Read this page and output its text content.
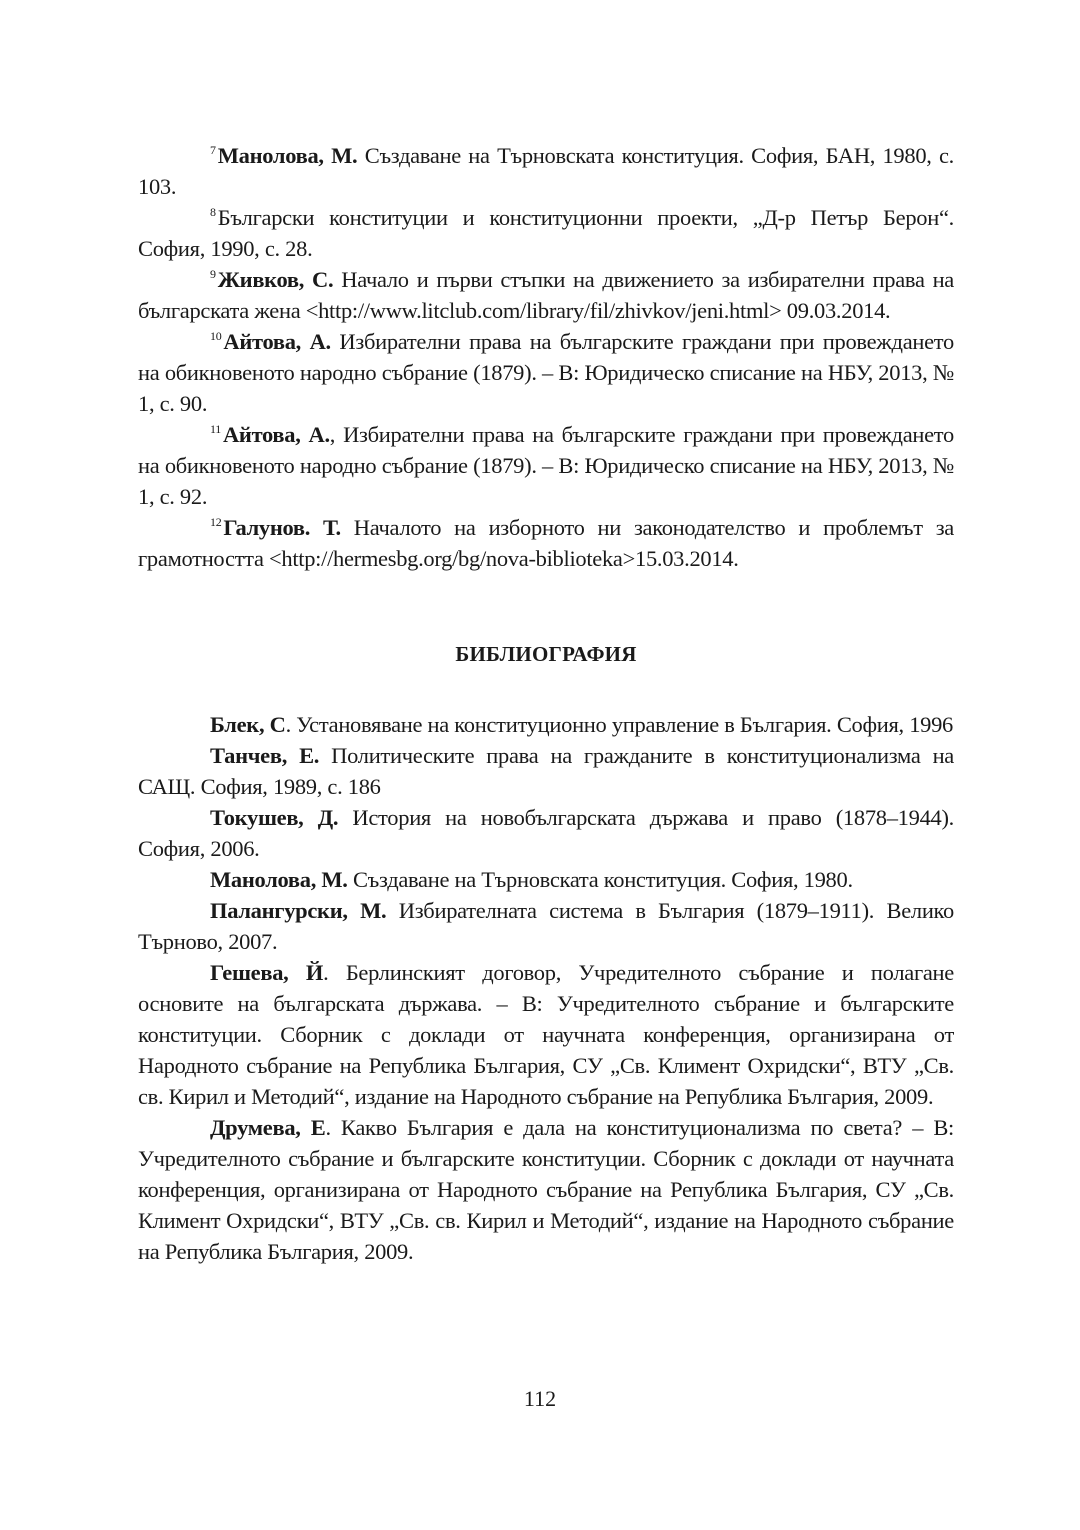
$^7$Манолова, М. Създаване на Търновската конституция. София, БАН, 1980, с. 103.

$^8$Български конституции и конституционни проекти, „Д-р Петър Берон“. София, 1990, с. 28.

$^9$Живков, С. Начало и първи стъпки на движението за избирателни права на българската жена <http://www.litclub.com/library/fil/zhivkov/jeni.html> 09.03.2014.

$^{10}$Айтова, А. Избирателни права на българските граждани при провеждането на обикновеното народно събрание (1879). – В: Юридическо списание на НБУ, 2013, № 1, с. 90.

$^{11}$Айтова, А., Избирателни права на българските граждани при провеждането на обикновеното народно събрание (1879). – В: Юридическо списание на НБУ, 2013, № 1, с. 92.

$^{12}$Галунов. Т. Началото на изборното ни законодателство и проблемът за грамотността <http://hermesbg.org/bg/nova-biblioteka>15.03.2014.

БИБЛИОГРАФИЯ

Блек, С. Установяване на конституционно управление в България. София, 1996

Танчев, Е. Политическите права на гражданите в конституционализма на САЩ. София, 1989, с. 186

Токушев, Д. История на новобългарската държава и право (1878–1944). София, 2006.

Манолова, М. Създаване на Търновската конституция. София, 1980.

Палангурски, М. Избирателната система в България (1879–1911). Велико Търново, 2007.

Гешева, Й. Берлинският договор, Учредителното събрание и полагане основите на българската държава. – В: Учредителното събрание и българските конституции. Сборник с доклади от научната конференция, организирана от Народното събрание на Република България, СУ „Св. Климент Охридски“, ВТУ „Св. св. Кирил и Методий“, издание на Народното събрание на Република България, 2009.

Друмева, Е. Какво България е дала на конституционализма по света? – В: Учредителното събрание и българските конституции. Сборник с доклади от научната конференция, организирана от Народното събрание на Република България, СУ „Св. Климент Охридски“, ВТУ „Св. св. Кирил и Методий“, издание на Народното събрание на Република България, 2009.

112
